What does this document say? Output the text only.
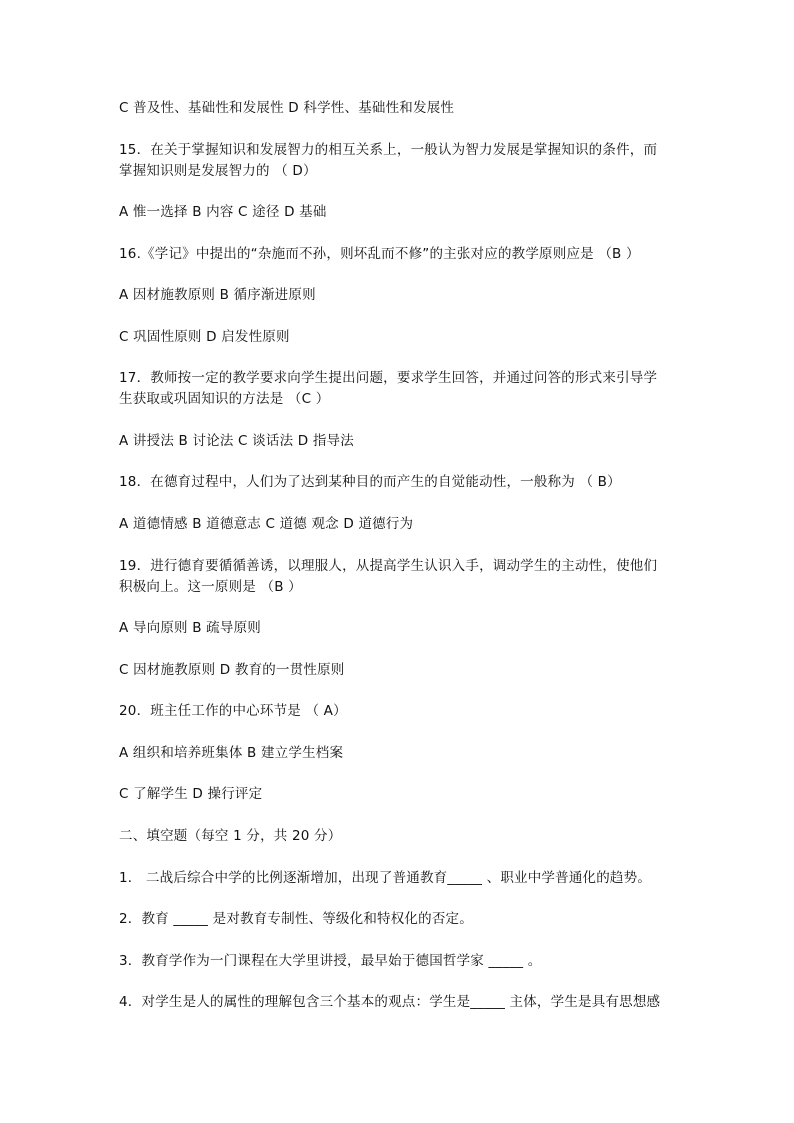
C 普及性、基础性和发展性 D 科学性、基础性和发展性
15．在关于掌握知识和发展智力的相互关系上，一般认为智力发展是掌握知识的条件，而
掌握知识则是发展智力的 （ D）
A 惟一选择 B 内容 C 途径 D 基础
16.《学记》中提出的“杂施而不孙，则坏乱而不修”的主张对应的教学原则应是 （B ）
A 因材施教原则 B 循序渐进原则
C 巩固性原则 D 启发性原则
17．教师按一定的教学要求向学生提出问题，要求学生回答，并通过问答的形式来引导学
生获取或巩固知识的方法是 （C ）
A 讲授法 B 讨论法 C 谈话法 D 指导法
18．在德育过程中，人们为了达到某种目的而产生的自觉能动性，一般称为 （ B）
A 道德情感 B 道德意志 C 道德 观念 D 道德行为
19．进行德育要循循善诱，以理服人，从提高学生认识入手，调动学生的主动性，使他们
积极向上。这一原则是 （B ）
A 导向原则 B 疏导原则
C 因材施教原则 D 教育的一贯性原则
20．班主任工作的中心环节是 （ A）
A 组织和培养班集体 B 建立学生档案
C 了解学生 D 操行评定
二、填空题（每空 1 分，共 20 分）
1． 二战后综合中学的比例逐渐增加，出现了普通教育_____ 、职业中学普通化的趋势。
2．教育 _____ 是对教育专制性、等级化和特权化的否定。
3．教育学作为一门课程在大学里讲授，最早始于德国哲学家 _____ 。
4．对学生是人的属性的理解包含三个基本的观点：学生是_____ 主体，学生是具有思想感
